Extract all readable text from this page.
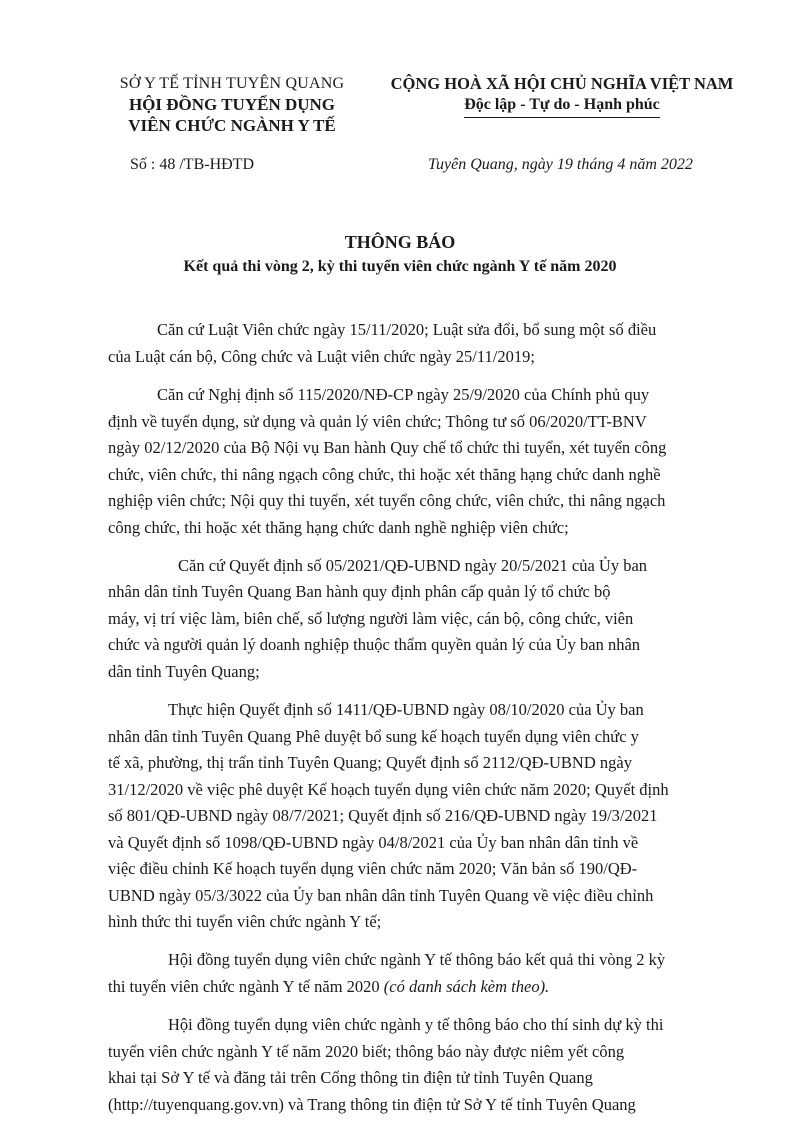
SỞ Y TẾ TỈNH TUYÊN QUANG
HỘI ĐỒNG TUYỂN DỤNG
VIÊN CHỨC NGÀNH Y TẾ
CỘNG HOÀ XÃ HỘI CHỦ NGHĨA VIỆT NAM
Độc lập - Tự do - Hạnh phúc
Số : 48 /TB-HĐTD	Tuyên Quang, ngày 19 tháng 4 năm 2022
THÔNG BÁO
Kết quả thi vòng 2, kỳ thi tuyển viên chức ngành Y tế năm 2020
Căn cứ Luật Viên chức ngày 15/11/2020; Luật sửa đổi, bổ sung một số điều
của Luật cán bộ, Công chức và Luật viên chức ngày 25/11/2019;
Căn cứ Nghị định số 115/2020/NĐ-CP ngày 25/9/2020 của Chính phủ quy
định về tuyển dụng, sử dụng và quản lý viên chức; Thông tư số 06/2020/TT-BNV
ngày 02/12/2020 của Bộ Nội vụ Ban hành Quy chế tổ chức thi tuyển, xét tuyển công
chức, viên chức, thi nâng ngạch công chức, thi hoặc xét thăng hạng chức danh nghề
nghiệp viên chức; Nội quy thi tuyển, xét tuyển công chức, viên chức, thi nâng ngạch
công chức, thi hoặc xét thăng hạng chức danh nghề nghiệp viên chức;
Căn cứ Quyết định số 05/2021/QĐ-UBND ngày 20/5/2021 của Ủy ban
nhân dân tỉnh Tuyên Quang Ban hành quy định phân cấp quản lý tổ chức bộ
máy, vị trí việc làm, biên chế, số lượng người làm việc, cán bộ, công chức, viên
chức và người quản lý doanh nghiệp thuộc thẩm quyền quản lý của Ủy ban nhân
dân tỉnh Tuyên Quang;
Thực hiện Quyết định số 1411/QĐ-UBND ngày 08/10/2020 của Ủy ban
nhân dân tỉnh Tuyên Quang Phê duyệt bổ sung kế hoạch tuyển dụng viên chức y
tế xã, phường, thị trấn tỉnh Tuyên Quang; Quyết định số 2112/QĐ-UBND ngày
31/12/2020 về việc phê duyệt Kế hoạch tuyển dụng viên chức năm 2020; Quyết định
số 801/QĐ-UBND ngày 08/7/2021; Quyết định số 216/QĐ-UBND ngày 19/3/2021
và Quyết định số 1098/QĐ-UBND ngày 04/8/2021 của Ủy ban nhân dân tỉnh về
việc điều chỉnh Kế hoạch tuyển dụng viên chức năm 2020; Văn bản số 190/QĐ-
UBND ngày 05/3/3022 của Ủy ban nhân dân tỉnh Tuyên Quang về việc điều chỉnh
hình thức thi tuyển viên chức ngành Y tế;
Hội đồng tuyển dụng viên chức ngành Y tế thông báo kết quả thi vòng 2 kỳ
thi tuyển viên chức ngành Y tế năm 2020 (có danh sách kèm theo).
Hội đồng tuyển dụng viên chức ngành y tế thông báo cho thí sinh dự kỳ thi
tuyển viên chức ngành Y tế năm 2020 biết; thông báo này được niêm yết công
khai tại Sở Y tế và đăng tải trên Cổng thông tin điện tử tỉnh Tuyên Quang
(http://tuyenquang.gov.vn) và Trang thông tin điện tử Sở Y tế tỉnh Tuyên Quang
